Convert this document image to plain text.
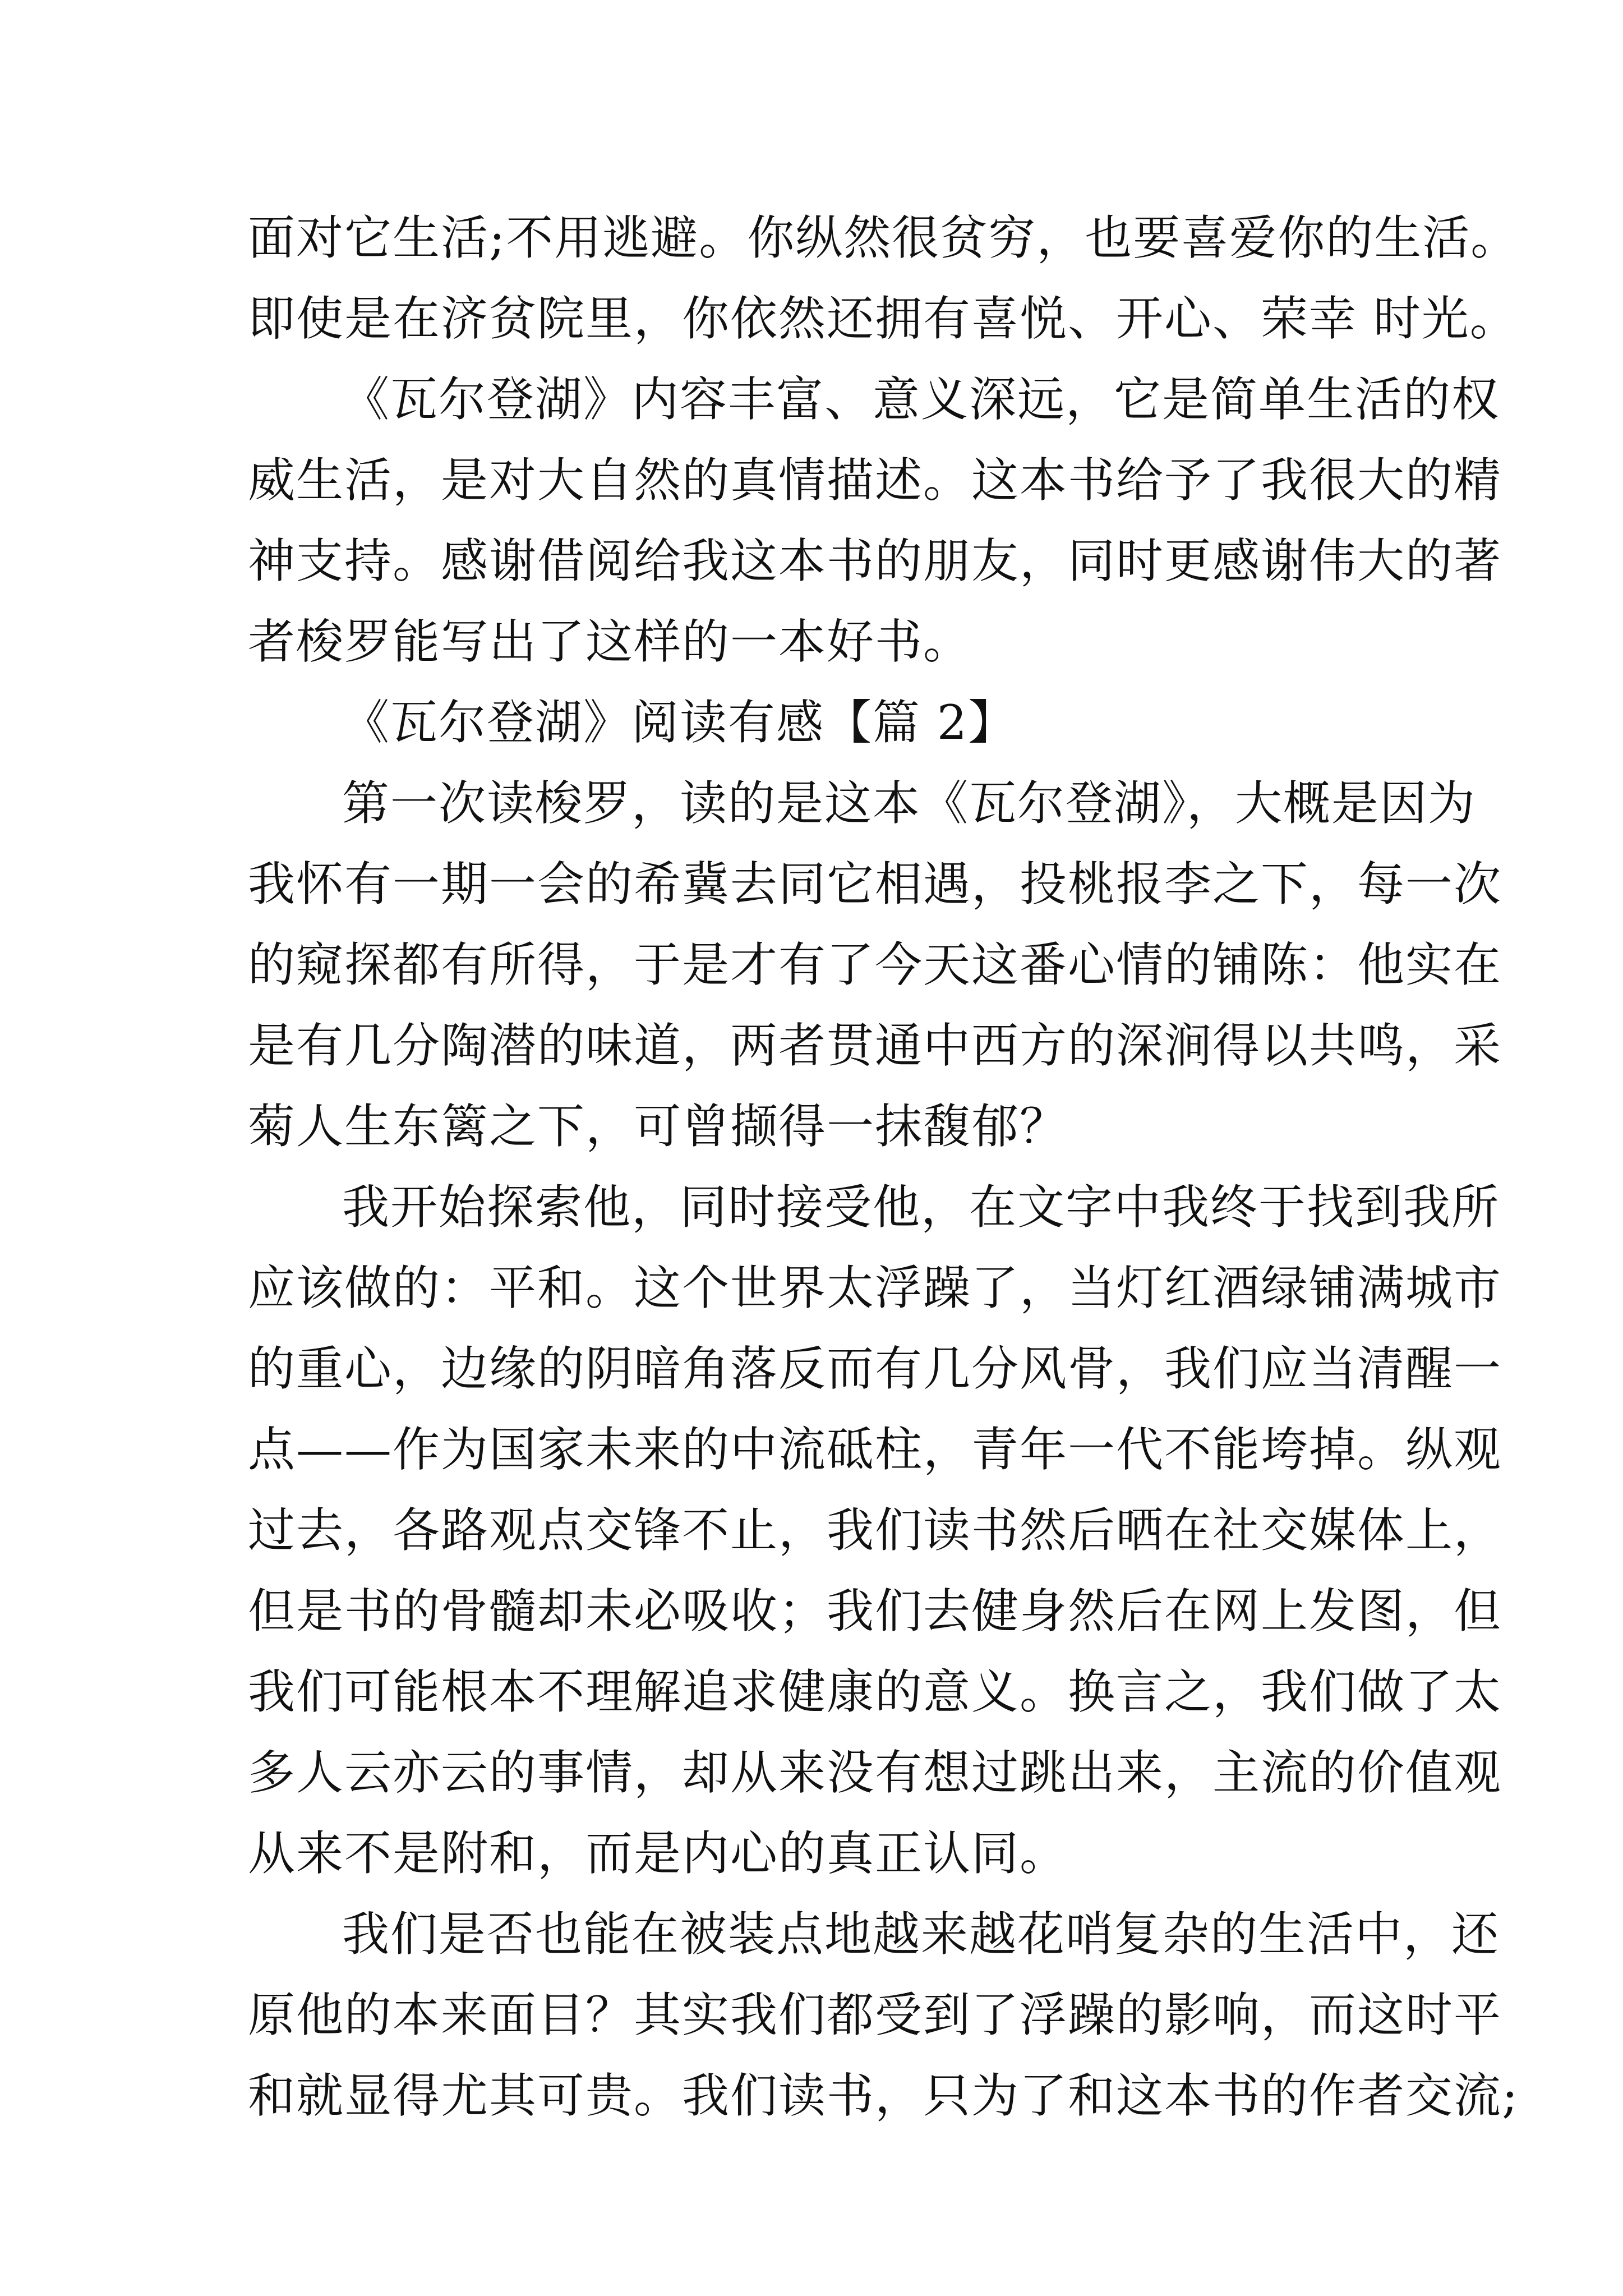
面对它生活;不用逃避。你纵然很贫穷，也要喜爱你的生活。
即使是在济贫院里，你依然还拥有喜悦、开心、荣幸 时光。
《瓦尔登湖》内容丰富、意义深远，它是简单生活的权
威生活，是对大自然的真情描述。这本书给予了我很大的精
神支持。感谢借阅给我这本书的朋友，同时更感谢伟大的著
者梭罗能写出了这样的一本好书。
《瓦尔登湖》阅读有感【篇 2】
第一次读梭罗，读的是这本《瓦尔登湖》，大概是因为
我怀有一期一会的希冀去同它相遇，投桃报李之下，每一次
的窥探都有所得，于是才有了今天这番心情的铺陈：他实在
是有几分陶潜的味道，两者贯通中西方的深涧得以共鸣，采
菊人生东篱之下，可曾撷得一抹馥郁？
我开始探索他，同时接受他，在文字中我终于找到我所
应该做的：平和。这个世界太浮躁了，当灯红酒绿铺满城市
的重心，边缘的阴暗角落反而有几分风骨，我们应当清醒一
点——作为国家未来的中流砥柱，青年一代不能垮掉。纵观
过去，各路观点交锋不止，我们读书然后晒在社交媒体上，
但是书的骨髓却未必吸收；我们去健身然后在网上发图，但
我们可能根本不理解追求健康的意义。换言之，我们做了太
多人云亦云的事情，却从来没有想过跳出来，主流的价值观
从来不是附和，而是内心的真正认同。
我们是否也能在被装点地越来越花哨复杂的生活中，还
原他的本来面目？其实我们都受到了浮躁的影响，而这时平
和就显得尤其可贵。我们读书，只为了和这本书的作者交流;
